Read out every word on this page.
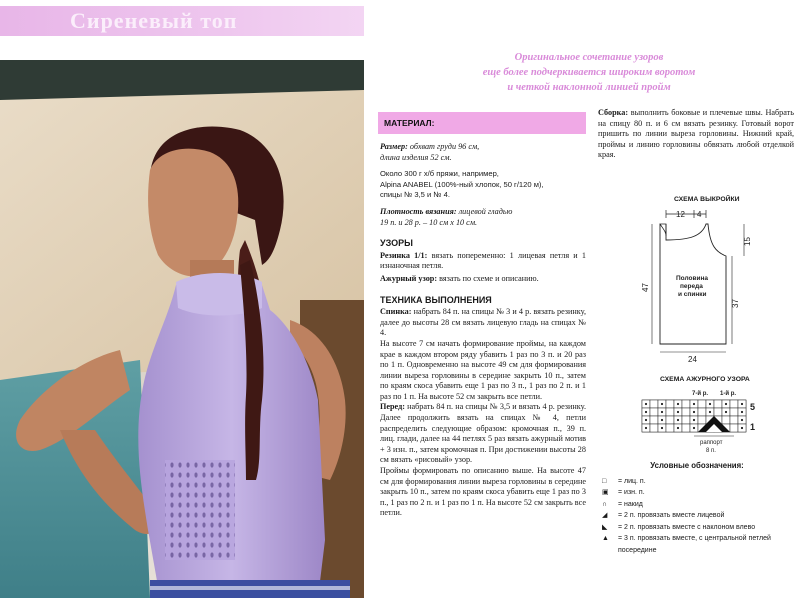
Сиреневый топ
Оригинальное сочетание узоров
еще более подчеркивается широким воротом
и четкой наклонной линией пройм
МАТЕРИАЛ:

Размер: обхват груди 96 см,
длина изделия 52 см.

Около 300 г х/б пряжи, например,
Alpina ANABEL (100%-ный хлопок, 50 г/120 м),
спицы № 3,5 и № 4.

Плотность вязания: лицевой гладью
19 п. и 28 р. – 10 см х 10 см.

УЗОРЫ

Резинка 1/1: вязать попеременно: 1 лицевая петля и 1 изнаночная петля.

Ажурный узор: вязать по схеме и описанию.

ТЕХНИКА ВЫПОЛНЕНИЯ

Спинка: набрать 84 п. на спицы № 3 и 4 р. вязать резинку, далее до высоты 28 см вязать лицевую гладь на спицах № 4.

На высоте 7 см начать формирование проймы, на каждом крае в каждом втором ряду убавить 1 раз по 3 п. и 20 раз по 1 п. Одновременно на высоте 49 см для формирования линии выреза горловины в середине закрыть 10 п., затем по краям скоса убавить еще 1 раз по 3 п., 1 раз по 2 п. и 1 раз по 1 п. На высоте 52 см закрыть все петли.

Перед: набрать 84 п. на спицы № 3,5 и вязать 4 р. резинку. Далее продолжить вязать на спицах № 4, петли распределить следующие образом: кромочная п., 39 п. лиц. глади, далее на 44 петлях 5 раз вязать ажурный мотив + 3 изн. п., затем кромочная п. При достижении высоты 28 см вязать «рисовый» узор.

Проймы формировать по описанию выше. На высоте 47 см для формирования линии выреза горловины в середине закрыть 10 п., затем по краям скоса убавить еще 1 раз по 3 п., 1 раз по 2 п. и 1 раз по 1 п. На высоте 52 см закрыть все петли.

Сборка: выполнить боковые и плечевые швы. Набрать на спицу 80 п. и 6 см вязать резинку. Готовый ворот пришить по линии выреза горловины. Нижний край, проймы и линию горловины обвязать любой отделкой края.
СХЕМА ВЫКРОЙКИ
12 4
47
37
15
24
Половина
переда
и спинки
СХЕМА АЖУРНОГО УЗОРА
7-й р. 1-й р.
5
1
раппорт
8 п.
Условные обозначения:
□	= лиц. п.
▣	= изн. п.
∩	= накид
◢	= 2 п. провязать вместе лицевой
◣	= 2 п. провязать вместе с наклоном влево
▲	= 3 п. провязать вместе, с центральной петлей посередине
